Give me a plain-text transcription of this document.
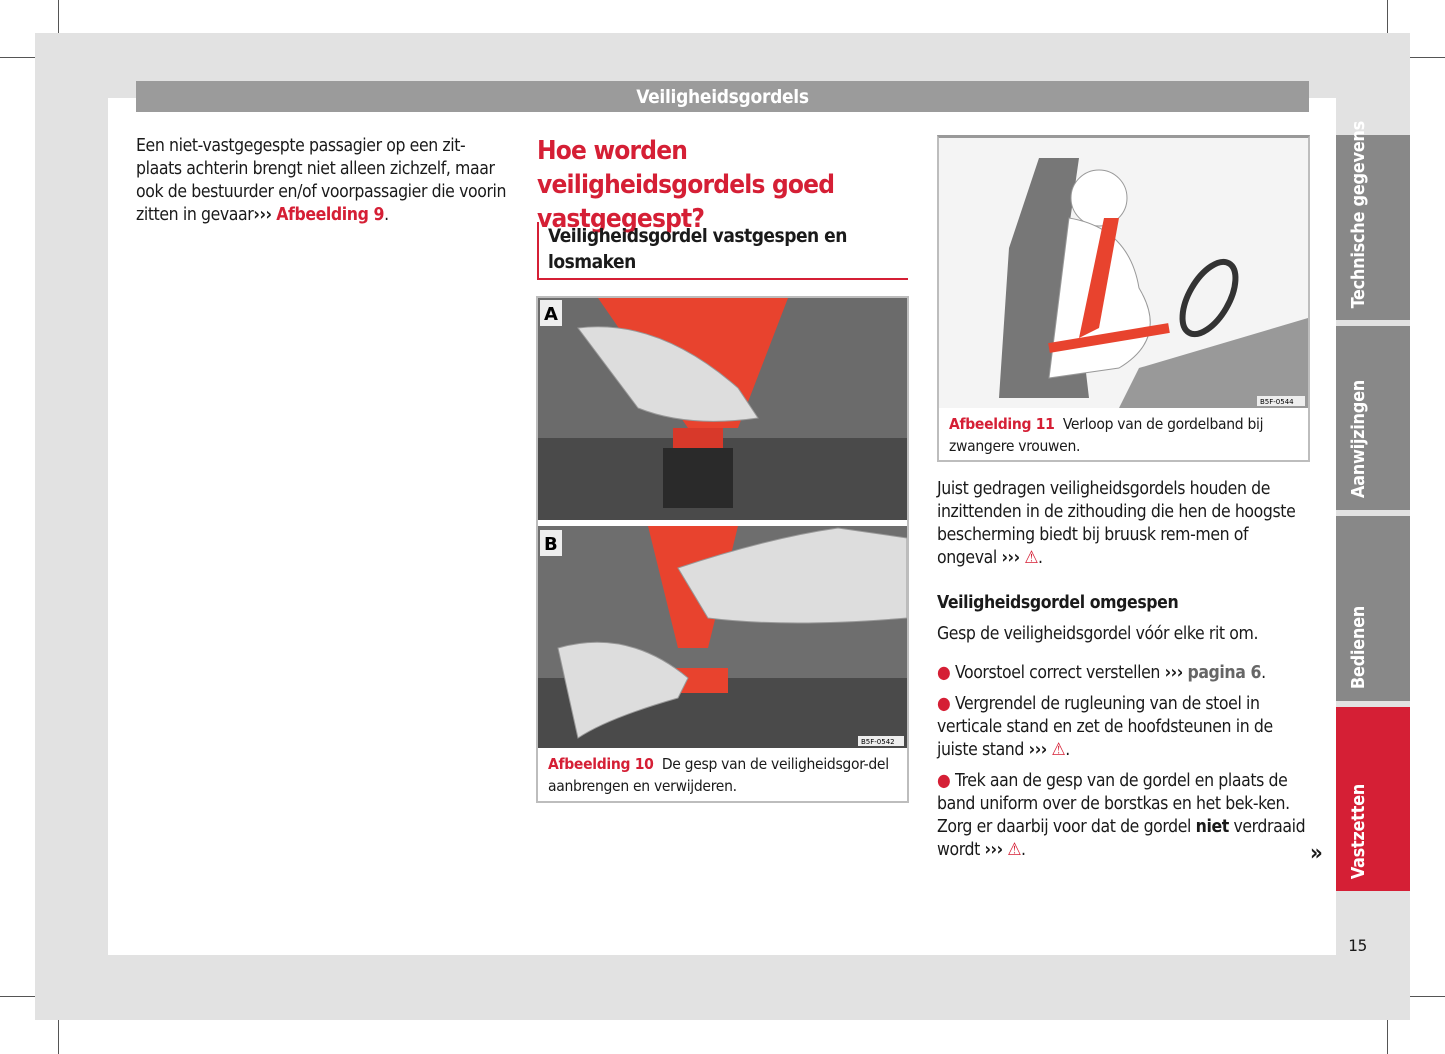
Veiligheidsgordels

Een niet-vastgegespte passagier op een zit-plaats achterin brengt niet alleen zichzelf, maar ook de bestuurder en/of voorpassagier die voorin zitten in gevaar››› Afbeelding 9.

Hoe worden veiligheidsgordels goed vastgegespt?
Veiligheidsgordel vastgespen en losmaken
A
B
B5F-0542
Afbeelding 10 De gesp van de veiligheidsgor-del aanbrengen en verwijderen.
B5F-0544
Afbeelding 11 Verloop van de gordelband bij zwangere vrouwen.

Juist gedragen veiligheidsgordels houden de inzittenden in de zithouding die hen de hoogste bescherming biedt bij bruusk rem-men of ongeval ››› ⚠.

Veiligheidsgordel omgespen

Gesp de veiligheidsgordel vóór elke rit om.

● Voorstoel correct verstellen ››› pagina 6.

● Vergrendel de rugleuning van de stoel in verticale stand en zet de hoofdsteunen in de juiste stand ››› ⚠.

● Trek aan de gesp van de gordel en plaats de band uniform over de borstkas en het bek-ken. Zorg er daarbij voor dat de gordel niet verdraaid wordt ››› ⚠.	»
Technische gegevens
Aanwijzingen
Bedienen
Vastzetten
15
